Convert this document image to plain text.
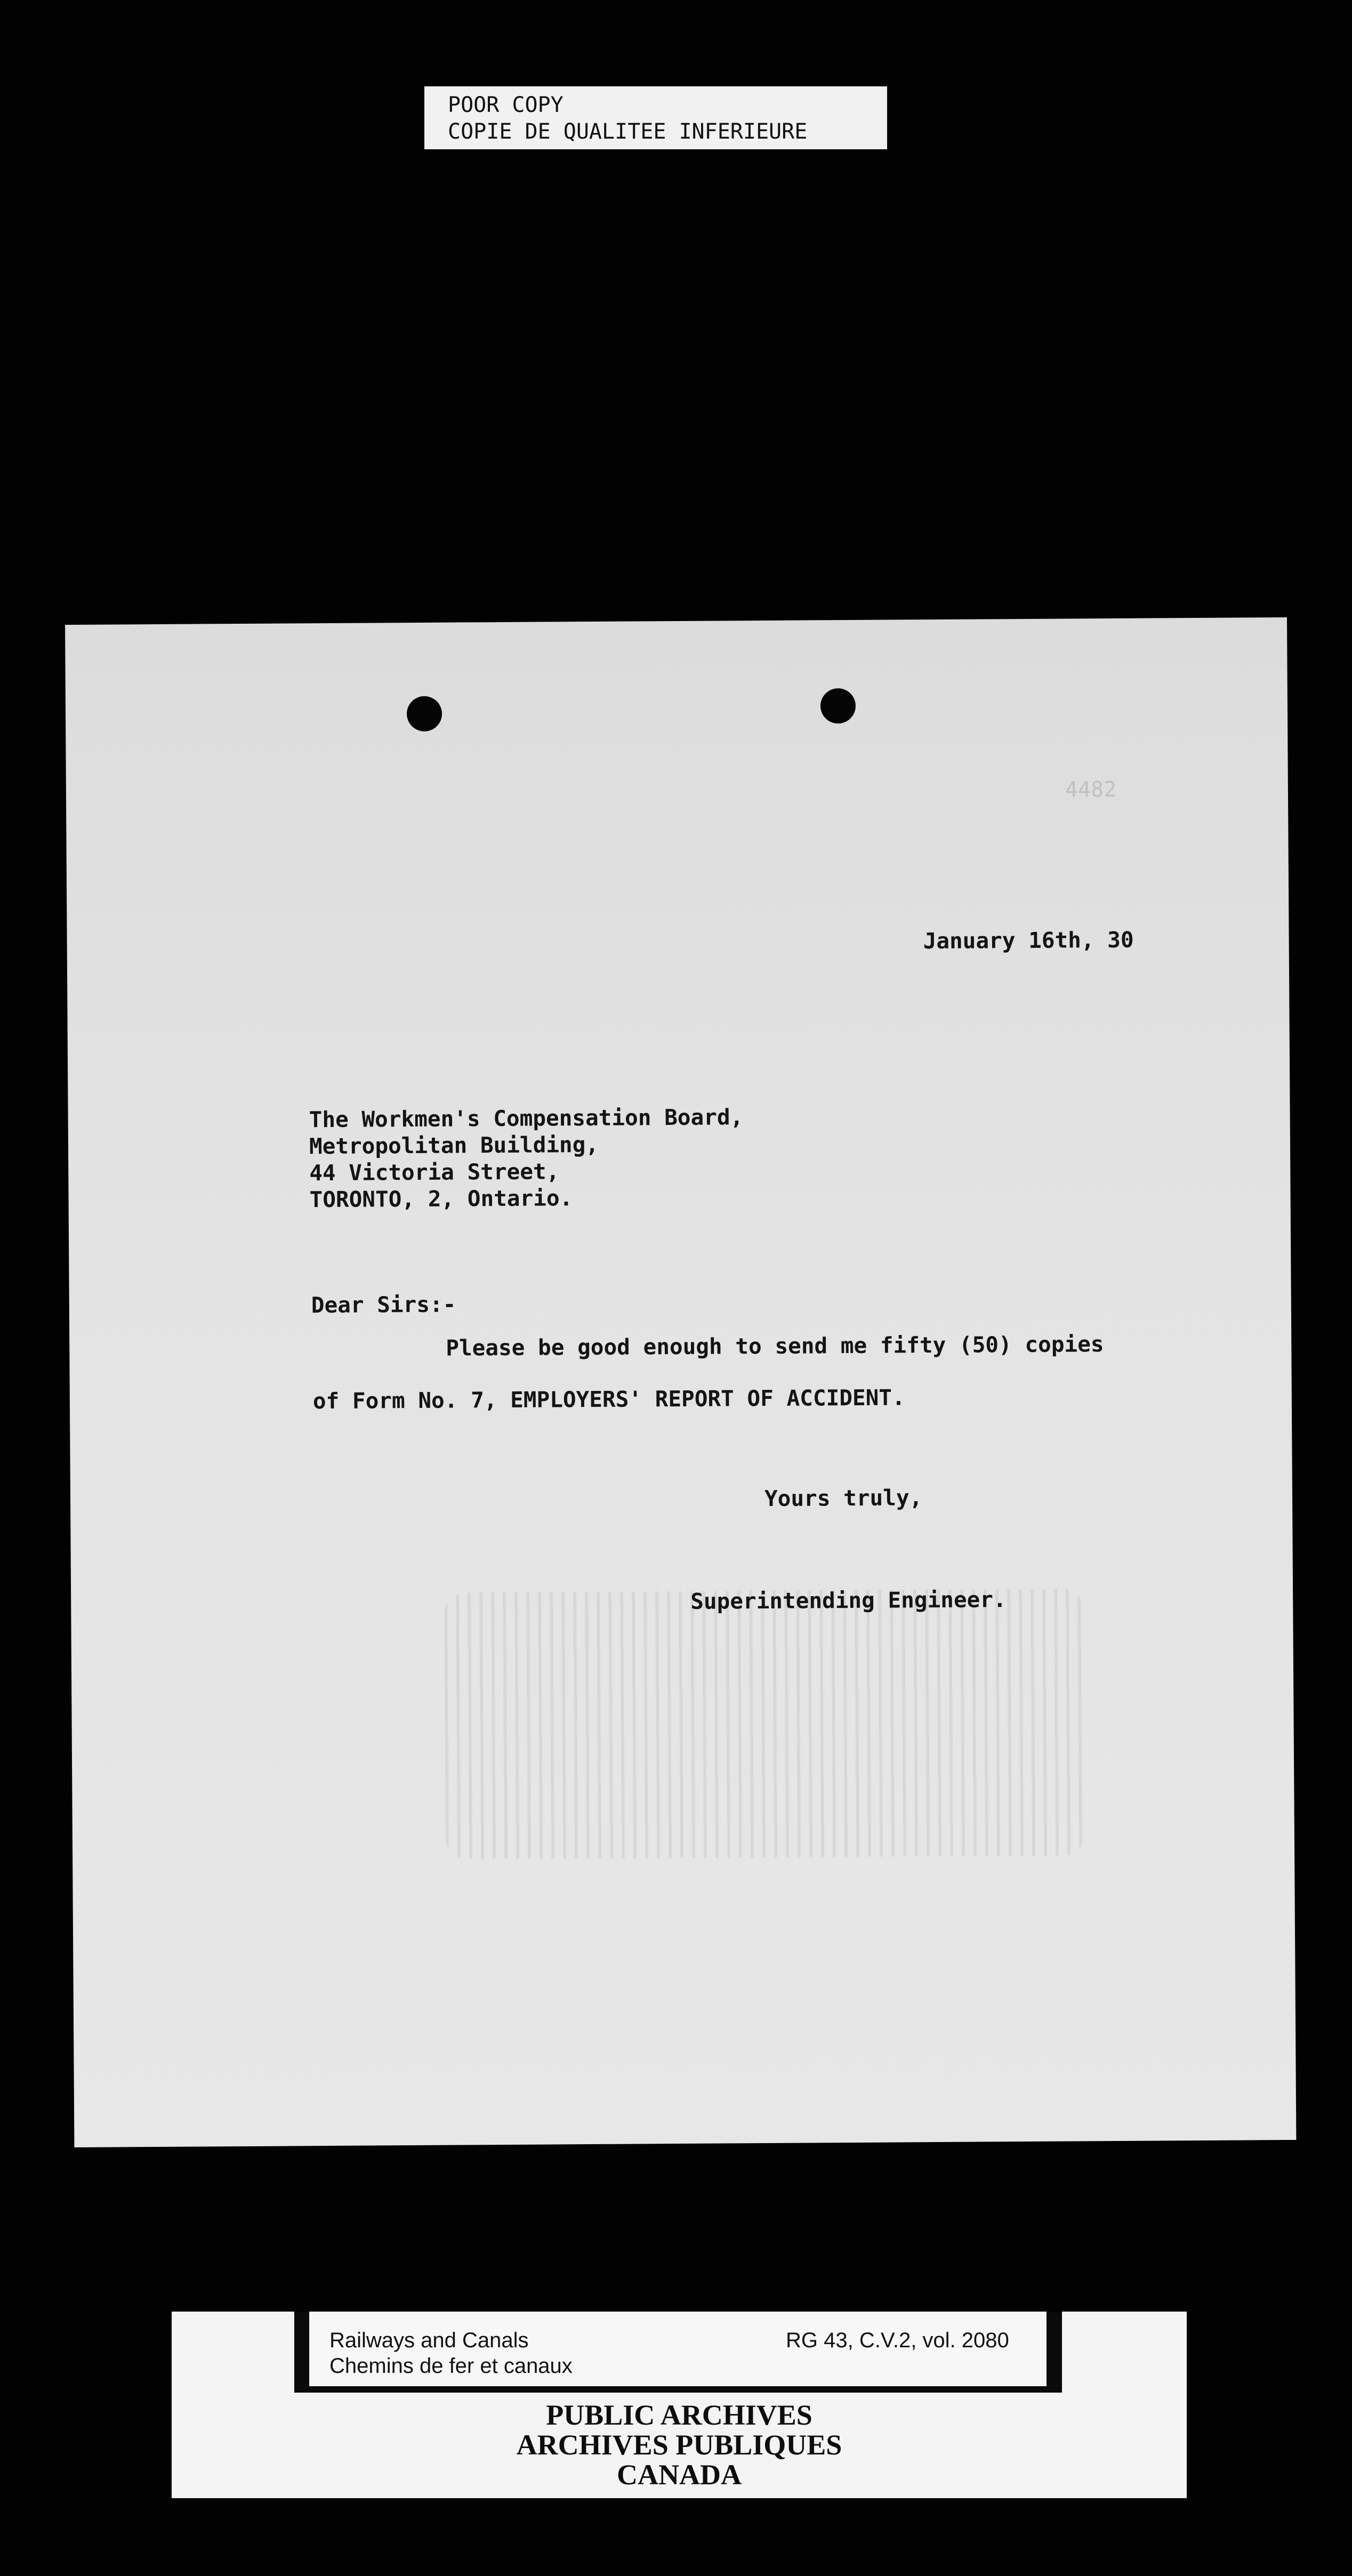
POOR COPY
COPIE DE QUALITEE INFERIEURE
4482
January 16th, 30
The Workmen's Compensation Board,
Metropolitan Building,
44 Victoria Street,
TORONTO, 2, Ontario.
Dear Sirs:-
Please be good enough to send me fifty (50) copies
of Form No. 7, EMPLOYERS' REPORT OF ACCIDENT.
Yours truly,
Superintending Engineer.
Railways and Canals
Chemins de fer et canaux
RG 43, C.V.2, vol. 2080
PUBLIC ARCHIVES
ARCHIVES PUBLIQUES
CANADA
